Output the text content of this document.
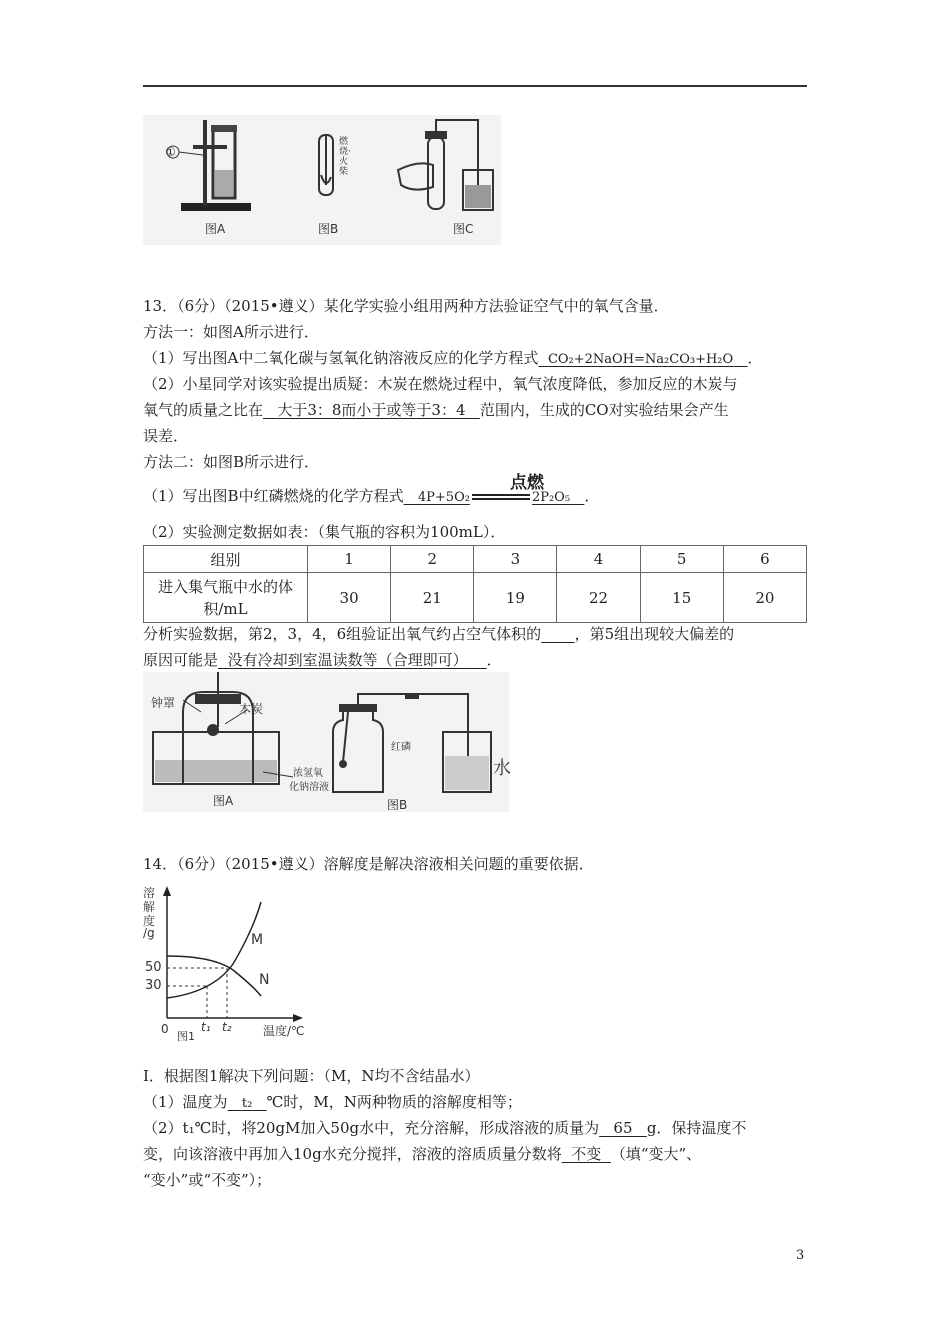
①
燃烧·火柴
图A	图B	图C
13．（6分）（2015•遵义）某化学实验小组用两种方法验证空气中的氧气含量．
方法一：如图A所示进行．
（1）写出图A中二氧化碳与氢氧化钠溶液反应的化学方程式 CO₂+2NaOH=Na₂CO₃+H₂O ．
（2）小星同学对该实验提出质疑：木炭在燃烧过程中，氧气浓度降低，参加反应的木炭与
氧气的质量之比在 大于3：8而小于或等于3：4 范围内，生成的CO对实验结果会产生
误差．
方法二：如图B所示进行．
（1）写出图B中红磷燃烧的化学方程式 4P+5O₂	2P₂O₅ ．
点燃
（2）实验测定数据如表：（集气瓶的容积为100mL）．
组别	1	2	3	4	5	6
进入集气瓶中水的体
积/mL	30	21	19	22	15	20
分析实验数据，第2，3，4，6组验证出氧气约占空气体积的 ，第5组出现较大偏差的
原因可能是 没有冷却到室温读数等（合理即可） ．
钟罩	木炭
浓氢氧
化钠溶液
红磷
水
图A	图B
14．（6分）（2015•遵义）溶解度是解决溶液相关问题的重要依据．
溶
解
度
/g
50
30
0	t₁ t₂	温度/℃
M
N
图1
Ⅰ．根据图1解决下列问题：（M，N均不含结晶水）
（1）温度为 t₂ ℃时，M，N两种物质的溶解度相等；
（2）t₁℃时，将20gM加入50g水中，充分溶解，形成溶液的质量为 65 g．保持温度不
变，向该溶液中再加入10g水充分搅拌，溶液的溶质质量分数将 不变 （填“变大”、
“变小”或“不变”）；
3
